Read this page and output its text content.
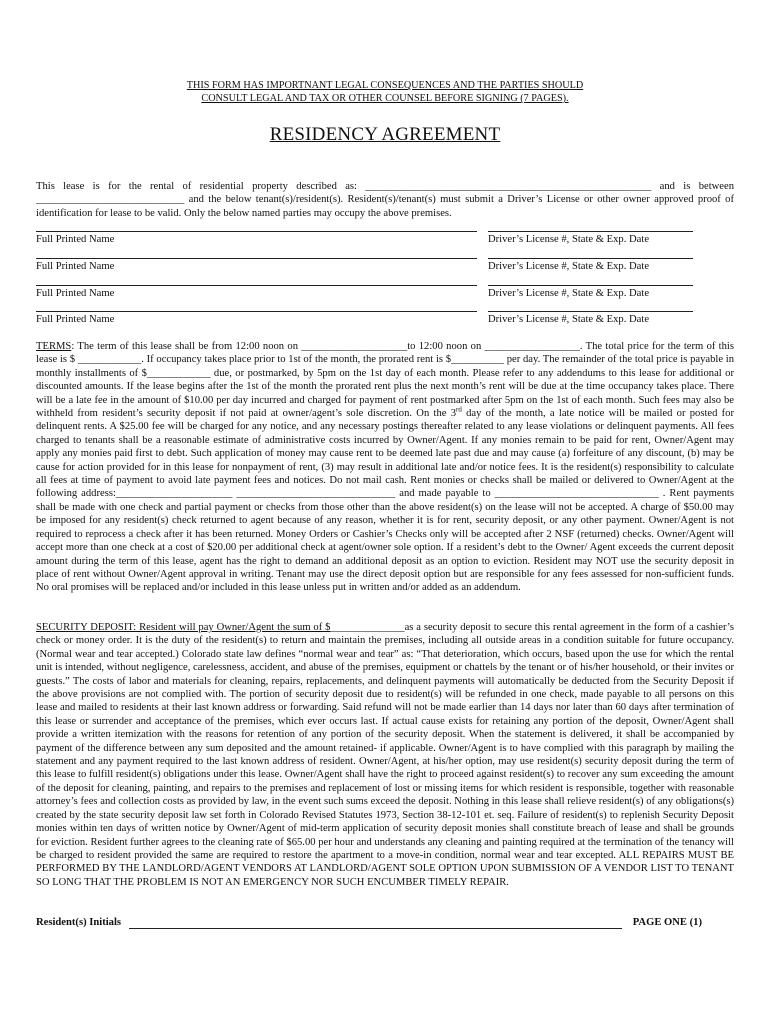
THIS FORM HAS IMPORTNANT LEGAL CONSEQUENCES AND THE PARTIES SHOULD
CONSULT LEGAL AND TAX OR OTHER COUNSEL BEFORE SIGNING (7 PAGES).
RESIDENCY AGREEMENT
This lease is for the rental of residential property described as: ______________________________________________________ and is between ____________________________ and the below tenant(s)/resident(s). Resident(s)/tenant(s) must submit a Driver’s License or other owner approved proof of identification for lease to be valid. Only the below named parties may occupy the above premises.
Full Printed Name	Driver’s License #, State & Exp. Date
Full Printed Name	Driver’s License #, State & Exp. Date
Full Printed Name	Driver’s License #, State & Exp. Date
Full Printed Name	Driver’s License #, State & Exp. Date
TERMS: The term of this lease shall be from 12:00 noon on ____________________to 12:00 noon on __________________. The total price for the term of this lease is $ ____________. If occupancy takes place prior to 1st of the month, the prorated rent is $__________ per day. The remainder of the total price is payable in monthly installments of $____________ due, or postmarked, by 5pm on the 1st day of each month. Please refer to any addendums to this lease for additional or discounted amounts. If the lease begins after the 1st of the month the prorated rent plus the next month’s rent will be due at the time occupancy takes place. There will be a late fee in the amount of $10.00 per day incurred and charged for payment of rent postmarked after 5pm on the 1st of each month. Such fees may also be withheld from resident’s security deposit if not paid at owner/agent’s sole discretion. On the 3rd day of the month, a late notice will be mailed or posted for delinquent rents. A $25.00 fee will be charged for any notice, and any necessary postings thereafter related to any lease violations or delinquent payments. All fees charged to tenants shall be a reasonable estimate of administrative costs incurred by Owner/Agent. If any monies remain to be paid for rent, Owner/Agent may apply any monies paid first to debt. Such application of money may cause rent to be deemed late past due and may cause (a) forfeiture of any discount, (b) may be cause for action provided for in this lease for nonpayment of rent, (3) may result in additional late and/or notice fees. It is the resident(s) responsibility to calculate all fees at time of payment to avoid late payment fees and notices. Do not mail cash. Rent monies or checks shall be mailed or delivered to Owner/Agent at the following address:______________________ ______________________________ and made payable to _______________________________ . Rent payments shall be made with one check and partial payment or checks from those other than the above resident(s) on the lease will not be accepted. A charge of $50.00 may be imposed for any resident(s) check returned to agent because of any reason, whether it is for rent, security deposit, or any other payment. Owner/Agent is not required to reprocess a check after it has been returned. Money Orders or Cashier’s Checks only will be accepted after 2 NSF (returned) checks. Owner/Agent will accept more than one check at a cost of $20.00 per additional check at agent/owner sole option. If a resident’s debt to the Owner/ Agent exceeds the current deposit amount during the term of this lease, agent has the right to demand an additional deposit as an option to eviction. Resident may NOT use the security deposit in place of rent without Owner/Agent approval in writing. Tenant may use the direct deposit option but are responsible for any fees assessed for non-sufficient funds. No oral promises will be replaced and/or included in this lease unless put in written and/or added as an addendum.
SECURITY DEPOSIT: Resident will pay Owner/Agent the sum of $______________as a security deposit to secure this rental agreement in the form of a cashier’s check or money order. It is the duty of the resident(s) to return and maintain the premises, including all outside areas in a condition suitable for future occupancy. (Normal wear and tear accepted.) Colorado state law defines “normal wear and tear” as: “That deterioration, which occurs, based upon the use for which the rental unit is intended, without negligence, carelessness, accident, and abuse of the premises, equipment or chattels by the tenant or of his/her household, or their invites or guests.” The costs of labor and materials for cleaning, repairs, replacements, and delinquent payments will automatically be deducted from the Security Deposit if the above provisions are not complied with. The portion of security deposit due to resident(s) will be refunded in one check, made payable to all persons on this lease and mailed to residents at their last known address or forwarding. Said refund will not be made earlier than 14 days nor later than 60 days after termination of this lease or surrender and acceptance of the premises, which ever occurs last. If actual cause exists for retaining any portion of the deposit, Owner/Agent shall provide a written itemization with the reasons for retention of any portion of the security deposit. When the statement is delivered, it shall be accompanied by payment of the difference between any sum deposited and the amount retained- if applicable. Owner/Agent is to have complied with this paragraph by mailing the statement and any payment required to the last known address of resident. Owner/Agent, at his/her option, may use resident(s) security deposit during the term of this lease to fulfill resident(s) obligations under this lease. Owner/Agent shall have the right to proceed against resident(s) to recover any sum exceeding the amount of the deposit for cleaning, painting, and repairs to the premises and replacement of lost or missing items for which resident is responsible, together with reasonable attorney’s fees and collection costs as provided by law, in the event such sums exceed the deposit. Nothing in this lease shall relieve resident(s) of any obligations(s) created by the state security deposit law set forth in Colorado Revised Statutes 1973, Section 38-12-101 et. seq. Failure of resident(s) to replenish Security Deposit monies within ten days of written notice by Owner/Agent of mid-term application of security deposit monies shall constitute breach of lease and shall be grounds for eviction. Resident further agrees to the cleaning rate of $65.00 per hour and understands any cleaning and painting required at the termination of the tenancy will be charged to resident provided the same are required to restore the apartment to a move-in condition, normal wear and tear excepted. ALL REPAIRS MUST BE PERFORMED BY THE LANDLORD/AGENT VENDORS AT LANDLORD/AGENT SOLE OPTION UPON SUBMISSION OF A VENDOR LIST TO TENANT SO LONG THAT THE PROBLEM IS NOT AN EMERGENCY NOR SUCH ENCUMBER TIMELY REPAIR.
Resident(s) Initials	PAGE ONE (1)
